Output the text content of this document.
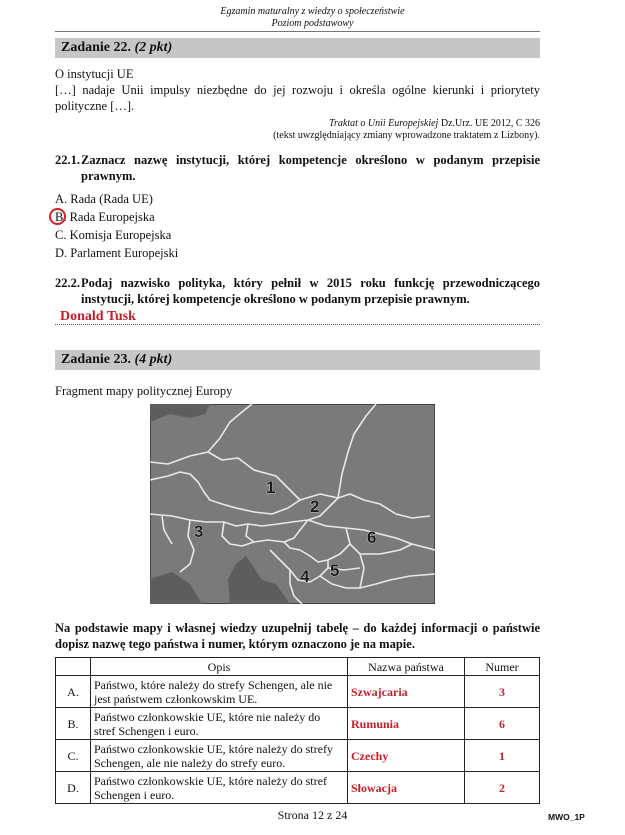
Egzamin maturalny z wiedzy o społeczeństwie
Poziom podstawowy
Zadanie 22. (2 pkt)
O instytucji UE
[…] nadaje Unii impulsy niezbędne do jej rozwoju i określa ogólne kierunki i priorytety polityczne […].
Traktat o Unii Europejskiej Dz.Urz. UE 2012, C 326
(tekst uwzględniający zmiany wprowadzone traktatem z Lizbony).
22.1. Zaznacz nazwę instytucji, której kompetencje określono w podanym przepisie prawnym.
A. Rada (Rada UE)
B. Rada Europejska
C. Komisja Europejska
D. Parlament Europejski
22.2. Podaj nazwisko polityka, który pełnił w 2015 roku funkcję przewodniczącego instytucji, której kompetencje określono w podanym przepisie prawnym.
Donald Tusk
Zadanie 23. (4 pkt)
Fragment mapy politycznej Europy
1
2
3
4 5
6
Na podstawie mapy i własnej wiedzy uzupełnij tabelę – do każdej informacji o państwie dopisz nazwę tego państwa i numer, którym oznaczono je na mapie.
	Opis	Nazwa państwa	Numer
A.	Państwo, które należy do strefy Schengen, ale nie jest państwem członkowskim UE.	Szwajcaria	3
B.	Państwo członkowskie UE, które nie należy do stref Schengen i euro.	Rumunia	6
C.	Państwo członkowskie UE, które należy do strefy Schengen, ale nie należy do strefy euro.	Czechy	1
D.	Państwo członkowskie UE, które należy do stref Schengen i euro.	Słowacja	2
Strona 12 z 24	MWO_1P
